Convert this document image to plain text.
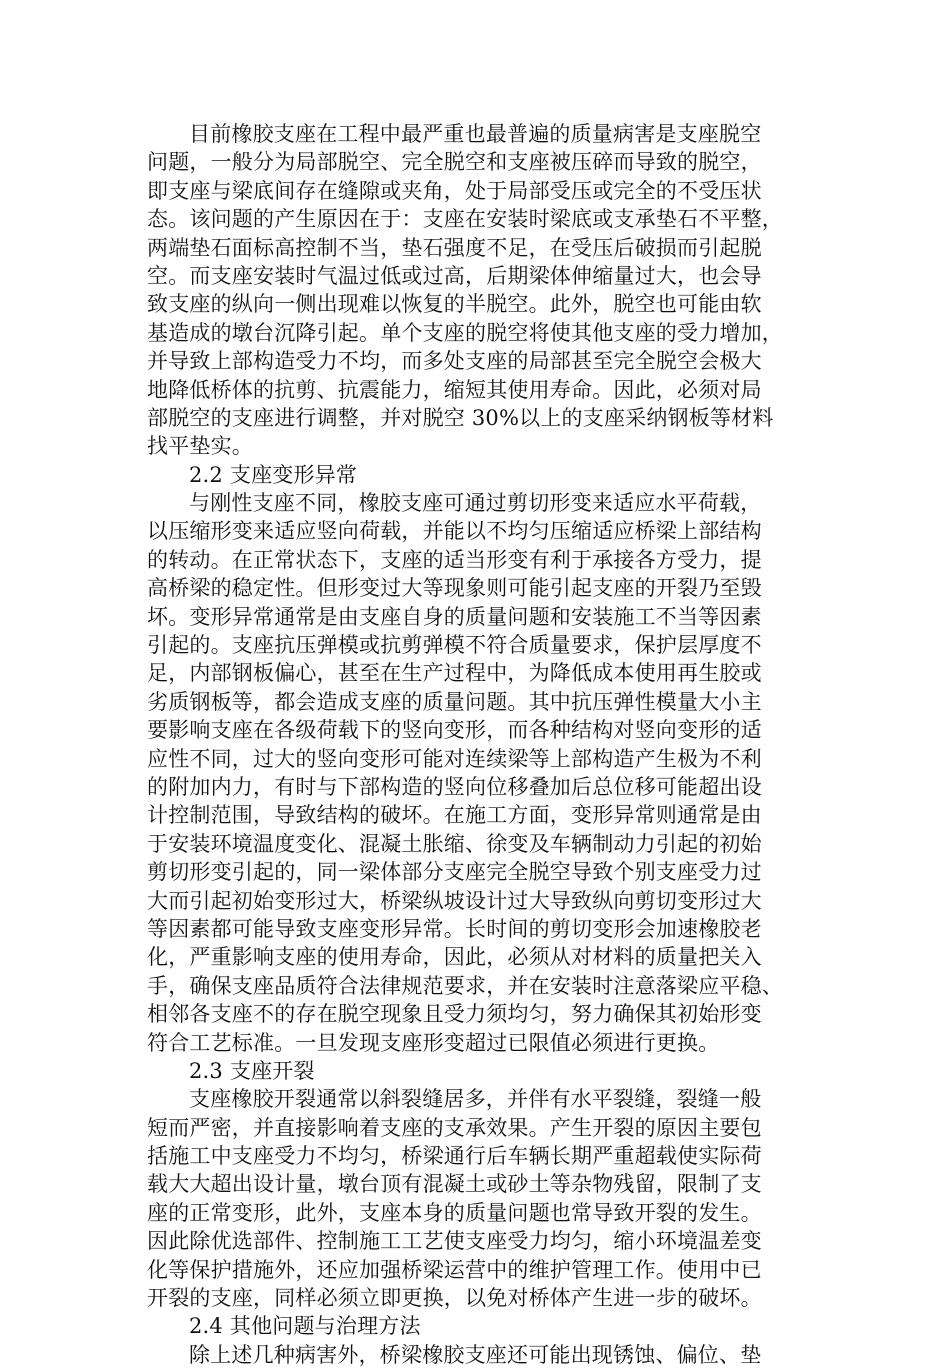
目前橡胶支座在工程中最严重也最普遍的质量病害是支座脱空
问题，一般分为局部脱空、完全脱空和支座被压碎而导致的脱空，
即支座与梁底间存在缝隙或夹角，处于局部受压或完全的不受压状
态。该问题的产生原因在于：支座在安装时梁底或支承垫石不平整，
两端垫石面标高控制不当，垫石强度不足，在受压后破损而引起脱
空。而支座安装时气温过低或过高，后期梁体伸缩量过大，也会导
致支座的纵向一侧出现难以恢复的半脱空。此外，脱空也可能由软
基造成的墩台沉降引起。单个支座的脱空将使其他支座的受力增加，
并导致上部构造受力不均，而多处支座的局部甚至完全脱空会极大
地降低桥体的抗剪、抗震能力，缩短其使用寿命。因此，必须对局
部脱空的支座进行调整，并对脱空 30%以上的支座采纳钢板等材料
找平垫实。
2.2 支座变形异常
与刚性支座不同，橡胶支座可通过剪切形变来适应水平荷载，
以压缩形变来适应竖向荷载，并能以不均匀压缩适应桥梁上部结构
的转动。在正常状态下，支座的适当形变有利于承接各方受力，提
高桥梁的稳定性。但形变过大等现象则可能引起支座的开裂乃至毁
坏。变形异常通常是由支座自身的质量问题和安装施工不当等因素
引起的。支座抗压弹模或抗剪弹模不符合质量要求，保护层厚度不
足，内部钢板偏心，甚至在生产过程中，为降低成本使用再生胶或
劣质钢板等，都会造成支座的质量问题。其中抗压弹性模量大小主
要影响支座在各级荷载下的竖向变形，而各种结构对竖向变形的适
应性不同，过大的竖向变形可能对连续梁等上部构造产生极为不利
的附加内力，有时与下部构造的竖向位移叠加后总位移可能超出设
计控制范围，导致结构的破坏。在施工方面，变形异常则通常是由
于安装环境温度变化、混凝土胀缩、徐变及车辆制动力引起的初始
剪切形变引起的，同一梁体部分支座完全脱空导致个别支座受力过
大而引起初始变形过大，桥梁纵坡设计过大导致纵向剪切变形过大
等因素都可能导致支座变形异常。长时间的剪切变形会加速橡胶老
化，严重影响支座的使用寿命，因此，必须从对材料的质量把关入
手，确保支座品质符合法律规范要求，并在安装时注意落梁应平稳、
相邻各支座不的存在脱空现象且受力须均匀，努力确保其初始形变
符合工艺标准。一旦发现支座形变超过已限值必须进行更换。
2.3 支座开裂
支座橡胶开裂通常以斜裂缝居多，并伴有水平裂缝，裂缝一般
短而严密，并直接影响着支座的支承效果。产生开裂的原因主要包
括施工中支座受力不均匀，桥梁通行后车辆长期严重超载使实际荷
载大大超出设计量，墩台顶有混凝土或砂土等杂物残留，限制了支
座的正常变形，此外，支座本身的质量问题也常导致开裂的发生。
因此除优选部件、控制施工工艺使支座受力均匀，缩小环境温差变
化等保护措施外，还应加强桥梁运营中的维护管理工作。使用中已
开裂的支座，同样必须立即更换，以免对桥体产生进一步的破坏。
2.4 其他问题与治理方法
除上述几种病害外，桥梁橡胶支座还可能出现锈蚀、偏位、垫
